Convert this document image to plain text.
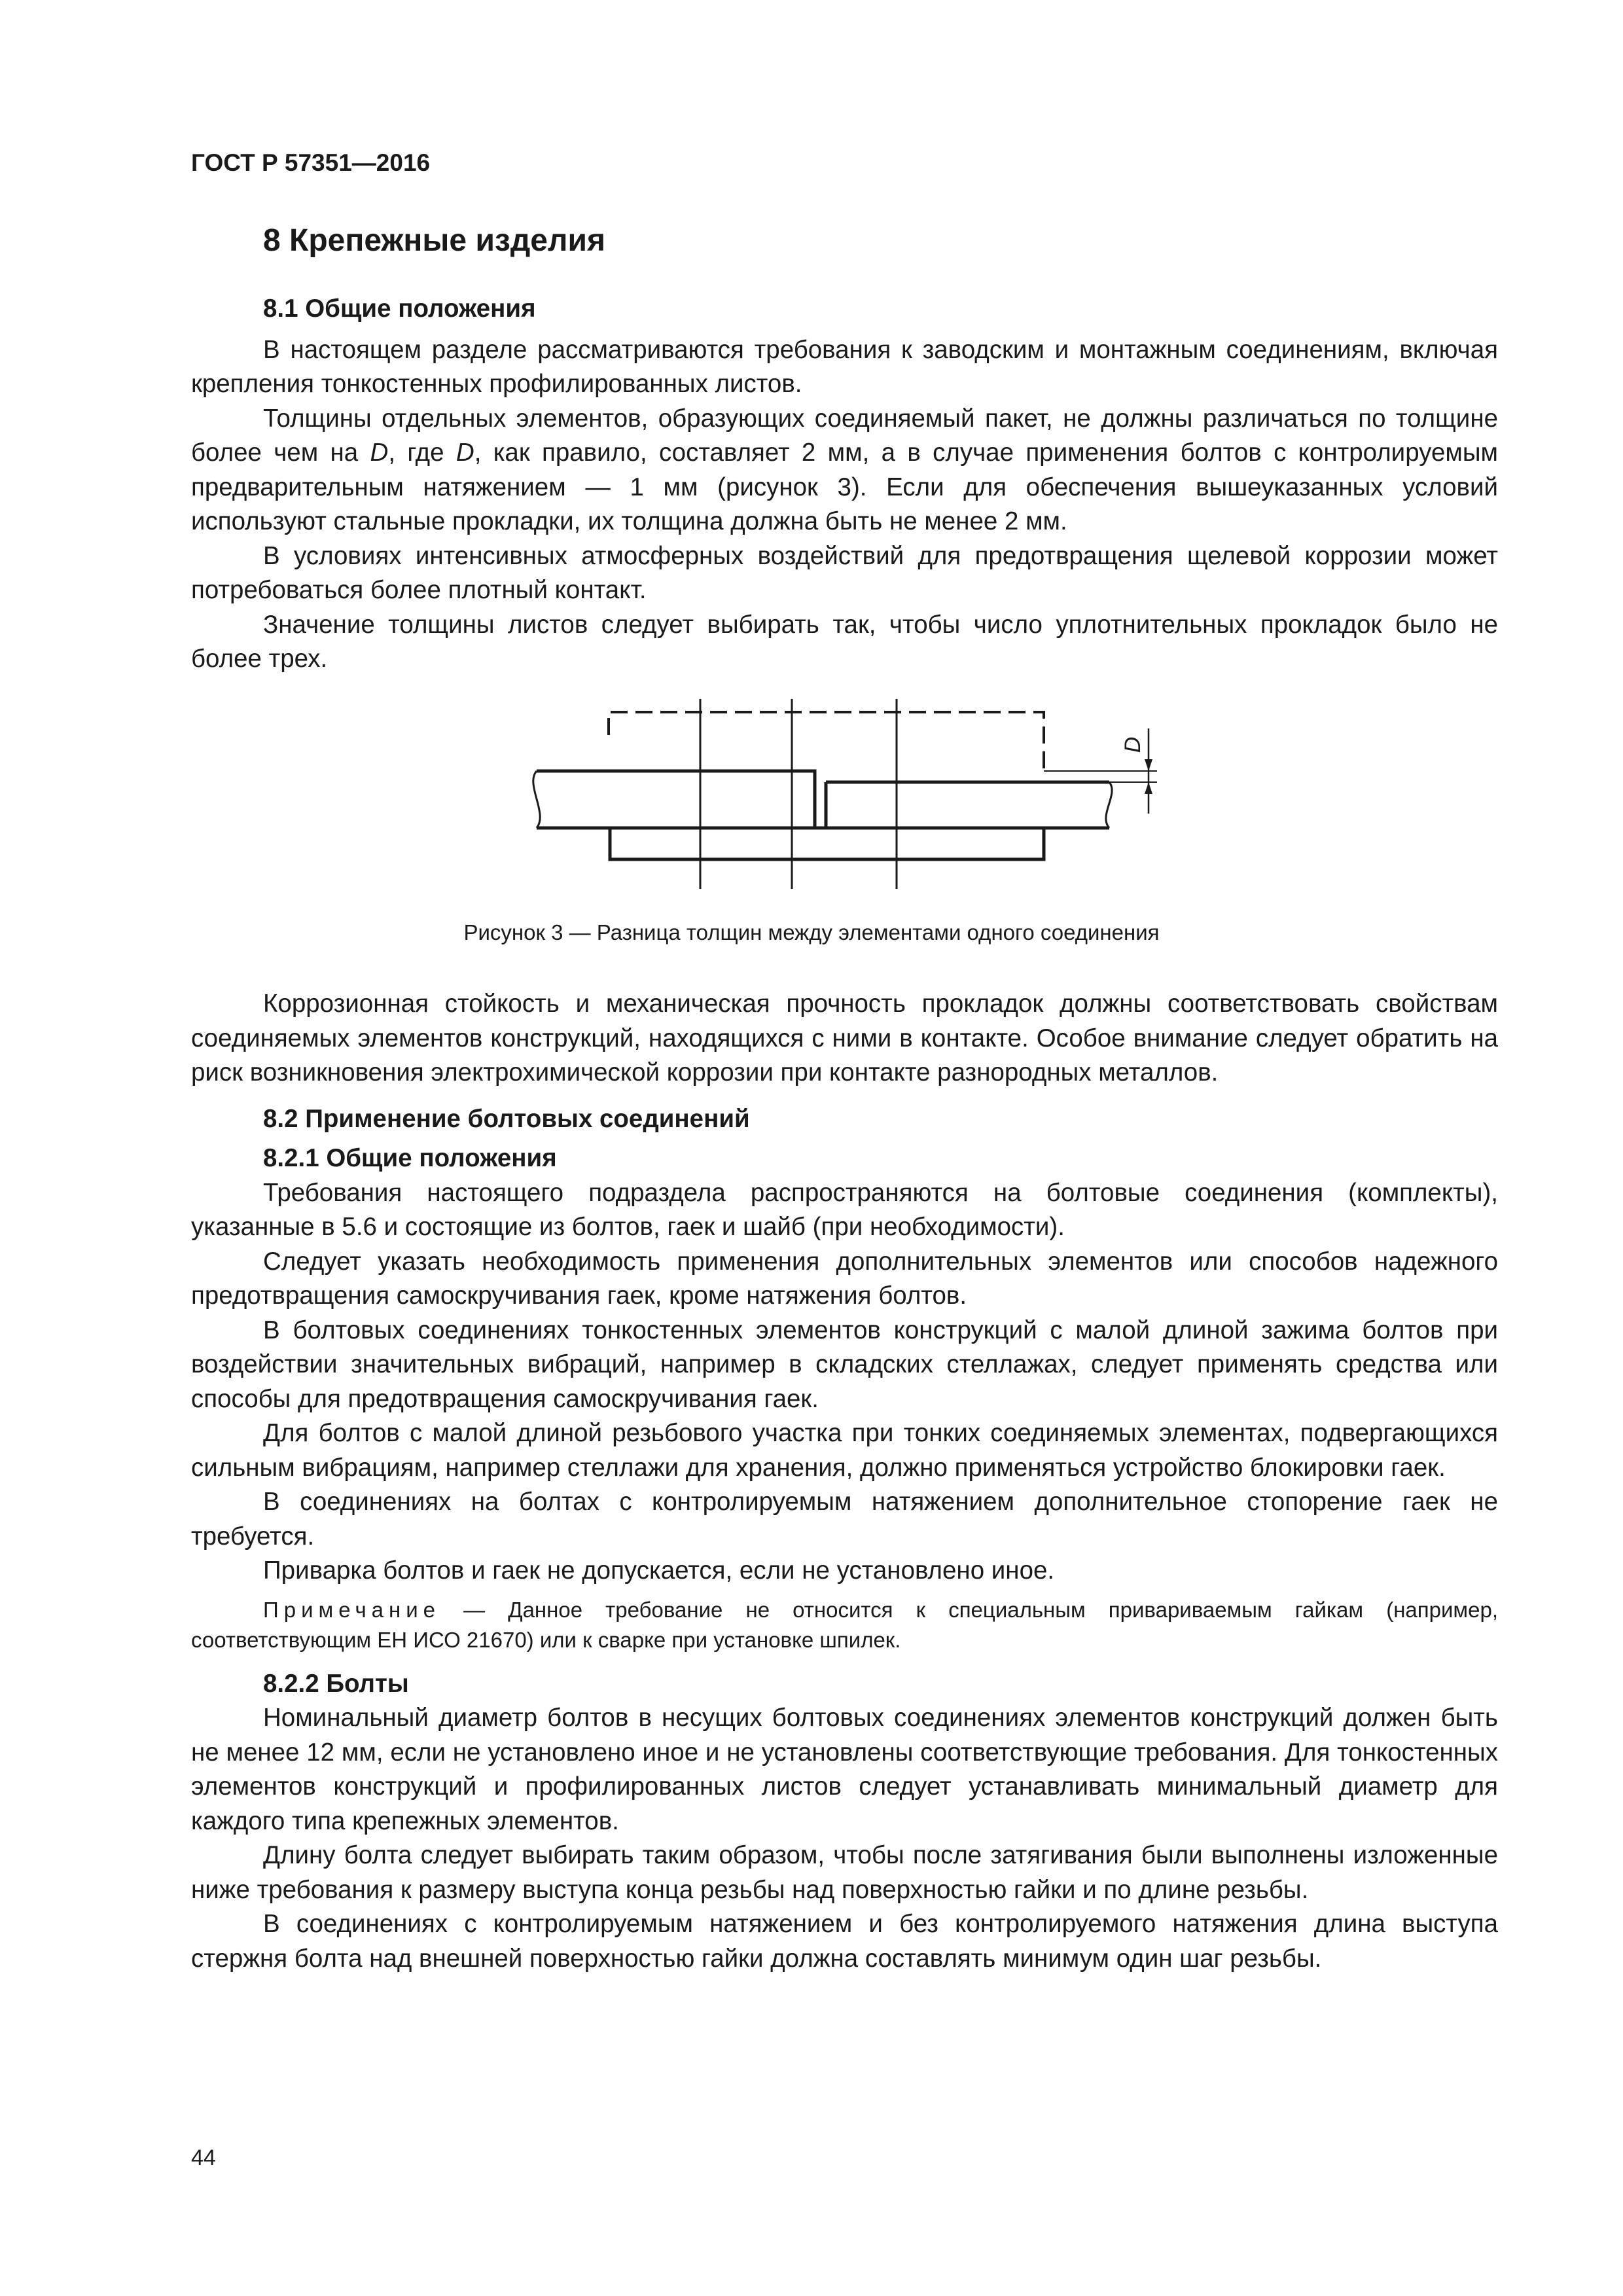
ГОСТ Р 57351—2016
8 Крепежные изделия
8.1 Общие положения

В настоящем разделе рассматриваются требования к заводским и монтажным соединениям, включая крепления тонкостенных профилированных листов.

Толщины отдельных элементов, образующих соединяемый пакет, не должны различаться по толщине более чем на D, где D, как правило, составляет 2 мм, а в случае применения болтов с контролируемым предварительным натяжением — 1 мм (рисунок 3). Если для обеспечения вышеуказанных условий используют стальные прокладки, их толщина должна быть не менее 2 мм.

В условиях интенсивных атмосферных воздействий для предотвращения щелевой коррозии может потребоваться более плотный контакт.

Значение толщины листов следует выбирать так, чтобы число уплотнительных прокладок было не более трех.

D
Рисунок 3 — Разница толщин между элементами одного соединения

Коррозионная стойкость и механическая прочность прокладок должны соответствовать свойствам соединяемых элементов конструкций, находящихся с ними в контакте. Особое внимание следует обратить на риск возникновения электрохимической коррозии при контакте разнородных металлов.

8.2 Применение болтовых соединений
8.2.1 Общие положения

Требования настоящего подраздела распространяются на болтовые соединения (комплекты), указанные в 5.6 и состоящие из болтов, гаек и шайб (при необходимости).

Следует указать необходимость применения дополнительных элементов или способов надежного предотвращения самоскручивания гаек, кроме натяжения болтов.

В болтовых соединениях тонкостенных элементов конструкций с малой длиной зажима болтов при воздействии значительных вибраций, например в складских стеллажах, следует применять средства или способы для предотвращения самоскручивания гаек.

Для болтов с малой длиной резьбового участка при тонких соединяемых элементах, подвергающихся сильным вибрациям, например стеллажи для хранения, должно применяться устройство блокировки гаек.

В соединениях на болтах с контролируемым натяжением дополнительное стопорение гаек не требуется.

Приварка болтов и гаек не допускается, если не установлено иное.

Примечание — Данное требование не относится к специальным привариваемым гайкам (например, соответствующим ЕН ИСО 21670) или к сварке при установке шпилек.

8.2.2 Болты

Номинальный диаметр болтов в несущих болтовых соединениях элементов конструкций должен быть не менее 12 мм, если не установлено иное и не установлены соответствующие требования. Для тонкостенных элементов конструкций и профилированных листов следует устанавливать минимальный диаметр для каждого типа крепежных элементов.

Длину болта следует выбирать таким образом, чтобы после затягивания были выполнены изложенные ниже требования к размеру выступа конца резьбы над поверхностью гайки и по длине резьбы.

В соединениях с контролируемым натяжением и без контролируемого натяжения длина выступа стержня болта над внешней поверхностью гайки должна составлять минимум один шаг резьбы.

44
